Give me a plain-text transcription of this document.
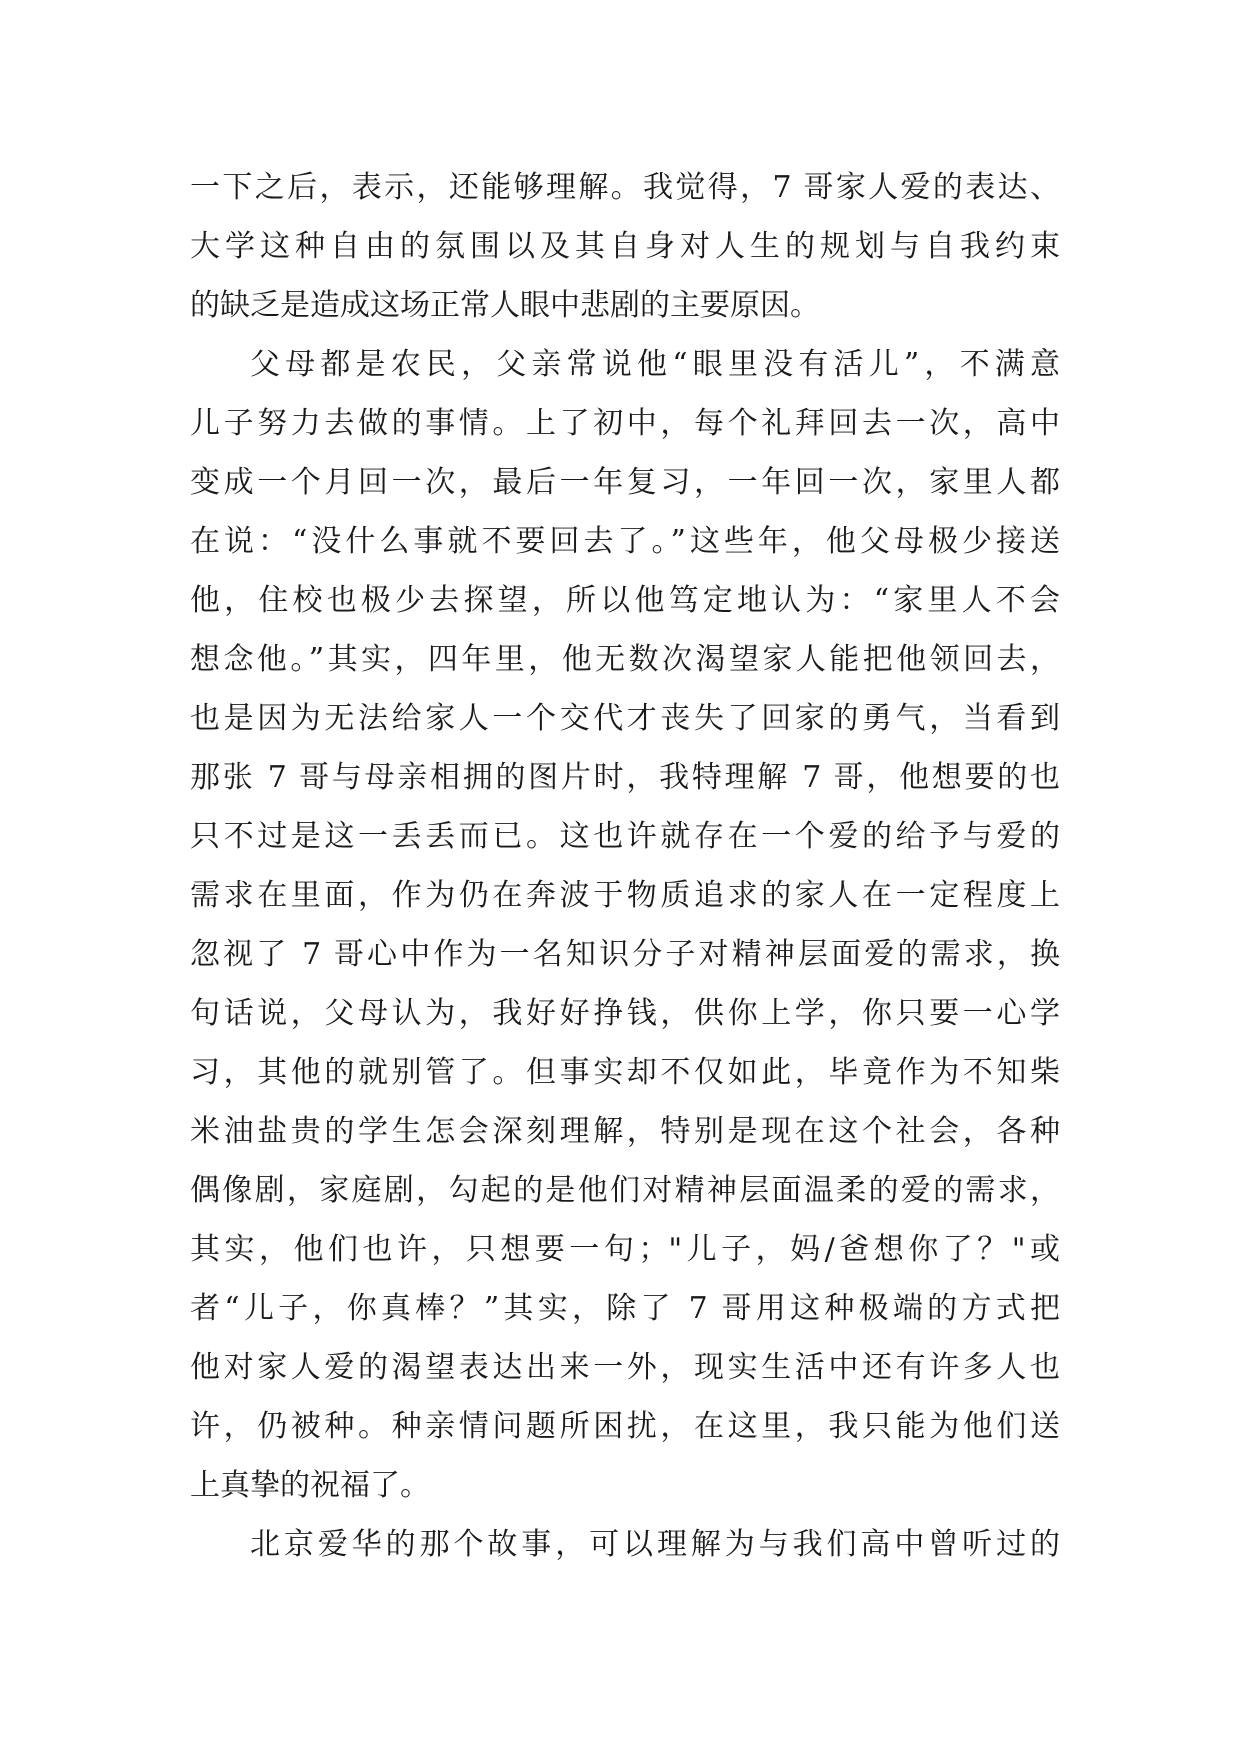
一下之后，表示，还能够理解。我觉得，7 哥家人爱的表达、
大学这种自由的氛围以及其自身对人生的规划与自我约束
的缺乏是造成这场正常人眼中悲剧的主要原因。
父母都是农民，父亲常说他“眼里没有活儿”，不满意
儿子努力去做的事情。上了初中，每个礼拜回去一次，高中
变成一个月回一次，最后一年复习，一年回一次，家里人都
在说：“没什么事就不要回去了。”这些年，他父母极少接送
他，住校也极少去探望，所以他笃定地认为：“家里人不会
想念他。”其实，四年里，他无数次渴望家人能把他领回去，
也是因为无法给家人一个交代才丧失了回家的勇气，当看到
那张 7 哥与母亲相拥的图片时，我特理解 7 哥，他想要的也
只不过是这一丢丢而已。这也许就存在一个爱的给予与爱的
需求在里面，作为仍在奔波于物质追求的家人在一定程度上
忽视了 7 哥心中作为一名知识分子对精神层面爱的需求，换
句话说，父母认为，我好好挣钱，供你上学，你只要一心学
习，其他的就别管了。但事实却不仅如此，毕竟作为不知柴
米油盐贵的学生怎会深刻理解，特别是现在这个社会，各种
偶像剧，家庭剧，勾起的是他们对精神层面温柔的爱的需求，
其实，他们也许，只想要一句；"儿子，妈/爸想你了？"或
者“儿子，你真棒？”其实，除了 7 哥用这种极端的方式把
他对家人爱的渴望表达出来一外，现实生活中还有许多人也
许，仍被种。种亲情问题所困扰，在这里，我只能为他们送
上真挚的祝福了。
北京爱华的那个故事，可以理解为与我们高中曾听过的
